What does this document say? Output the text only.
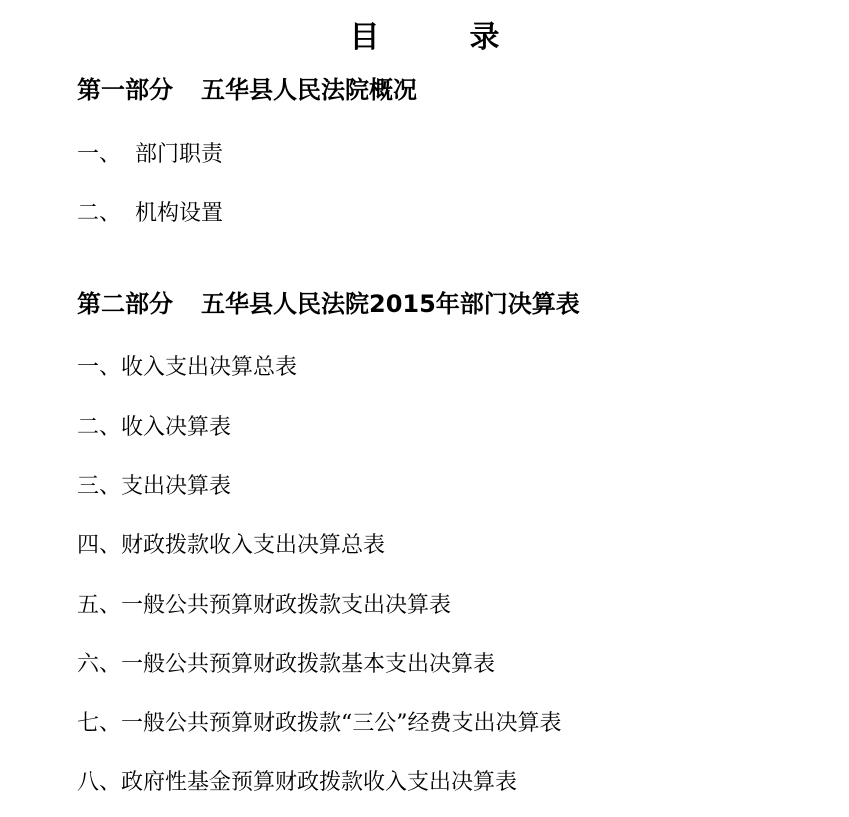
目	录
第一部分 五华县人民法院概况
一、 部门职责
二、 机构设置
第二部分 五华县人民法院2015年部门决算表
一、收入支出决算总表
二、收入决算表
三、支出决算表
四、财政拨款收入支出决算总表
五、一般公共预算财政拨款支出决算表
六、一般公共预算财政拨款基本支出决算表
七、一般公共预算财政拨款“三公”经费支出决算表
八、政府性基金预算财政拨款收入支出决算表
